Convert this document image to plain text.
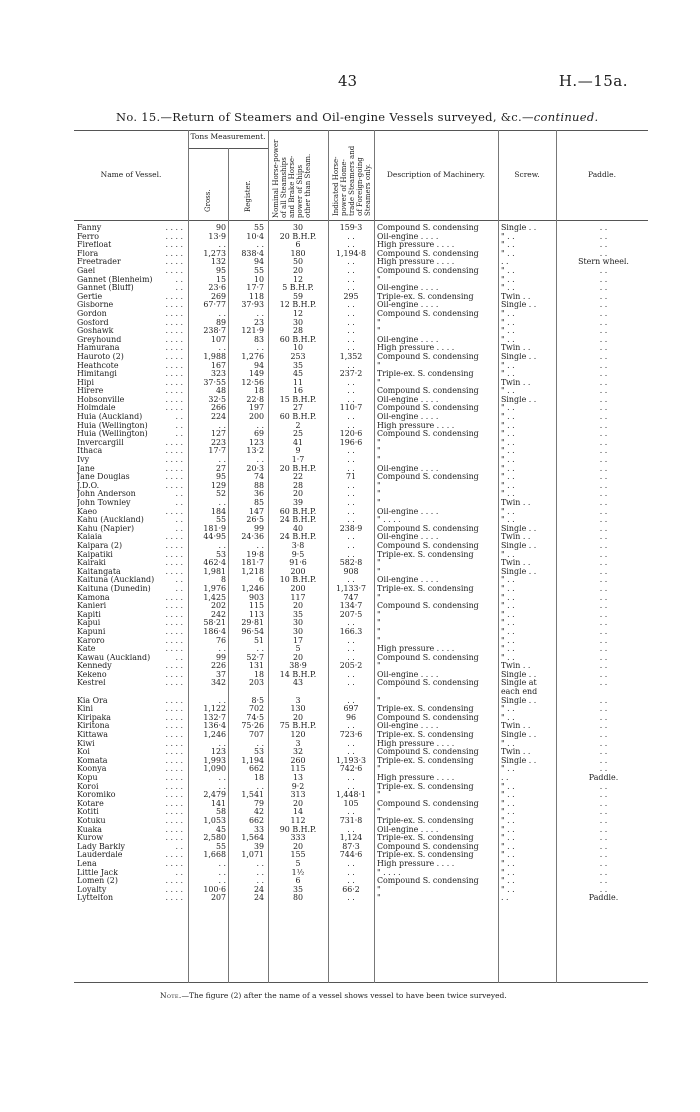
43	H.—15a.
No. 15.—Return of Steamers and Oil-engine Vessels surveyed, &c.—continued.
Name of Vessel.
Tons Measurement.
Gross.	Register.	Nominal Horse-power of all Steamships and Brake Horse- power of Ships other than Steam.	Indicated Horse- power of Home- trade Steamers and of Foreign-going Steamers only.	Description of Machinery.	Screw.	Paddle.
Fanny	. . . .	90	55	30	159·3	Compound S. condensing	Single . .	. .
Ferro	. . . .	13·9	10·4	20 B.H.P.	. .	Oil-engine . . . .	" . .	. .
Firefloat	. . . .	. .	. .	6	. .	High pressure . . . .	" . .	. .
Flora	. . . .	1,273	838·4	180	1,194·8	Compound S. condensing	" . .	. .
Freetrader	. . . .	132	94	50	. .	High pressure . . . .	. .	Stern wheel.
Gael	. . . .	95	55	20	. .	Compound S. condensing	" . .	. .
Gannet (Blenheim)	. .	15	10	12	. .	"	" . .	. .
Gannet (Bluff)	. .	23·6	17·7	5 B.H.P.	. .	Oil-engine . . . .	" . .	. .
Gertie	. . . .	269	118	59	295	Triple-ex. S. condensing	Twin . .	. .
Gisborne	. . . .	67·77	37·93	12 B.H.P.	. .	Oil-engine . . . .	Single . .	. .
Gordon	. . . .	. .	. .	12	. .	Compound S. condensing	" . .	. .
Gosford	. . . .	89	23	30	. .	"	" . .	. .
Goshawk	. . . .	238·7	121·9	28	. .	"	" . .	. .
Greyhound	. . . .	107	83	60 B.H.P.	. .	Oil-engine . . . .	" . .	. .
Hamurana	. . . .	. .	. .	10	. .	High pressure . . . .	Twin . .	. .
Hauroto (2)	. . . .	1,988	1,276	253	1,352	Compound S. condensing	Single . .	. .
Heathcote	. . . .	167	94	35	. .	"	" . .	. .
Himitangi	. . . .	323	149	45	237·2	Triple-ex. S. condensing	" . .	. .
Hipi	. . . .	37·55	12·56	11	. .	"	Twin . .	. .
Hirere	. . . .	48	18	16	. .	Compound S. condensing	" . .	. .
Hobsonville	. . . .	32·5	22·8	15 B.H.P.	. .	Oil-engine . . . .	Single . .	. .
Holmdale	. . . .	266	197	27	110·7	Compound S. condensing	" . .	. .
Huia (Auckland)	. .	224	200	60 B.H.P.	. .	Oil-engine . . . .	" . .	. .
Huia (Wellington)	. .	. .	. .	2	. .	High pressure . . . .	" . .	. .
Huia (Wellington)	. .	127	69	25	120·6	Compound S. condensing	" . .	. .
Invercargill	. . . .	223	123	41	196·6	"	" . .	. .
Ithaca	. . . .	17·7	13·2	9	. .	"	" . .	. .
Ivy	. . . .	. .	. .	1·7	. .	"	" . .	. .
Jane	. . . .	27	20·3	20 B.H.P.	. .	Oil-engine . . . .	" . .	. .
Jane Douglas	. . . .	95	74	22	71	Compound S. condensing	" . .	. .
J.D.O.	. . . .	129	88	28	. .	"	" . .	. .
John Anderson	. .	52	36	20	. .	"	" . .	. .
John Townley	. .	. .	85	39	. .	"	Twin . .	. .
Kaeo	. . . .	184	147	60 B.H.P.	. .	Oil-engine . . . .	" . .	. .
Kahu (Auckland)	. .	55	26·5	24 B.H.P.	. .	" . . . .	" . .	. .
Kahu (Napier)	. .	181·9	99	40	238·9	Compound S. condensing	Single . .	. .
Kaiaia	. . . .	44·95	24·36	24 B.H.P.	. .	Oil-engine . . . .	Twin . .	. .
Kaipara (2)	. . . .	. .	. .	3·8	. .	Compound S. condensing	Single . .	. .
Kaipatiki	. . . .	53	19·8	9·5	. .	Triple-ex. S. condensing	" . .	. .
Kairaki	. . . .	462·4	181·7	91·6	582·8	"	Twin . .	. .
Kaitangata	. . . .	1,981	1,218	200	908	"	Single . .	. .
Kaituna (Auckland)	. .	8	6	10 B.H.P.	. .	Oil-engine . . . .	" . .	. .
Kaituna (Dunedin)	. .	1,976	1,246	200	1,133·7	Triple-ex. S. condensing	" . .	. .
Kamona	. . . .	1,425	903	117	747	"	" . .	. .
Kanieri	. . . .	202	115	20	134·7	Compound S. condensing	" . .	. .
Kapiti	. . . .	242	113	35	207·5	"	" . .	. .
Kapui	. . . .	58·21	29·81	30	. .	"	" . .	. .
Kapuni	. . . .	186·4	96·54	30	166.3	"	" . .	. .
Karoro	. . . .	76	51	17	. .	"	" . .	. .
Kate	. . . .	. .	. .	5	. .	High pressure . . . .	" . .	. .
Kawau (Auckland)	. .	99	52·7	20	. .	Compound S. condensing	" . .	. .
Kennedy	. . . .	226	131	38·9	205·2	"	Twin . .	. .
Kekeno	. . . .	37	18	14 B.H.P.	. .	Oil-engine . . . .	Single . .	. .
Kestrel	. . . .	342	203	43	. .	Compound S. condensing	Single at	. .
each end
Kia Ora	. . . .	. .	8·5	3	. .	"	Single . .	. .
Kini	. . . .	1,122	702	130	697	Triple-ex. S. condensing	" . .	. .
Kiripaka	. . . .	132·7	74·5	20	96	Compound S. condensing	" . .	. .
Kiritona	. . . .	136·4	75·26	75 B.H.P.	. .	Oil-engine . . . .	Twin . .	. .
Kittawa	. . . .	1,246	707	120	723·6	Triple-ex. S. condensing	Single . .	. .
Kiwi	. . . .	. .	. .	3	. .	High pressure . . . .	" . .	. .
Koi	. . . .	123	53	32	. .	Compound S. condensing	Twin . .	. .
Komata	. . . .	1,993	1,194	260	1,193·3	Triple-ex. S. condensing	Single . .	. .
Koonya	. . . .	1,090	662	115	742·6	"	" . .	. .
Kopu	. . . .	. .	18	13	. .	High pressure . . . .	. .	Paddle.
Koroi	. . . .	. .	. .	9·2	. .	Triple-ex. S. condensing	" . .	. .
Koromiko	. . . .	2,479	1,541	313	1,448·1	"	" . .	. .
Kotare	. . . .	141	79	20	105	Compound S. condensing	" . .	. .
Kotiti	. . . .	58	42	14	. .	"	" . .	. .
Kotuku	. . . .	1,053	662	112	731·8	Triple-ex. S. condensing	" . .	. .
Kuaka	. . . .	45	33	90 B.H.P.	. .	Oil-engine . . . .	" . .	. .
Kurow	. . . .	2,580	1,564	333	1,124	Triple-ex. S. condensing	" . .	. .
Lady Barkly	. .	55	39	20	87·3	Compound S. condensing	" . .	. .
Lauderdale	. . . .	1,668	1,071	155	744·6	Triple-ex. S. condensing	" . .	. .
Lena	. . . .	. .	. .	5	. .	High pressure . . . .	" . .	. .
Little Jack	. .	. .	. .	1½	. .	" . . . .	" . .	. .
Lomen (2)	. . . .	. .	. .	6	. .	Compound S. condensing	" . .	. .
Loyalty	. . . .	100·6	24	35	66·2	"	" . .	. .
Lyttelton	. . . .	207	24	80	. .	"	. .	Paddle.
Note.—The figure (2) after the name of a vessel shows vessel to have been twice surveyed.
